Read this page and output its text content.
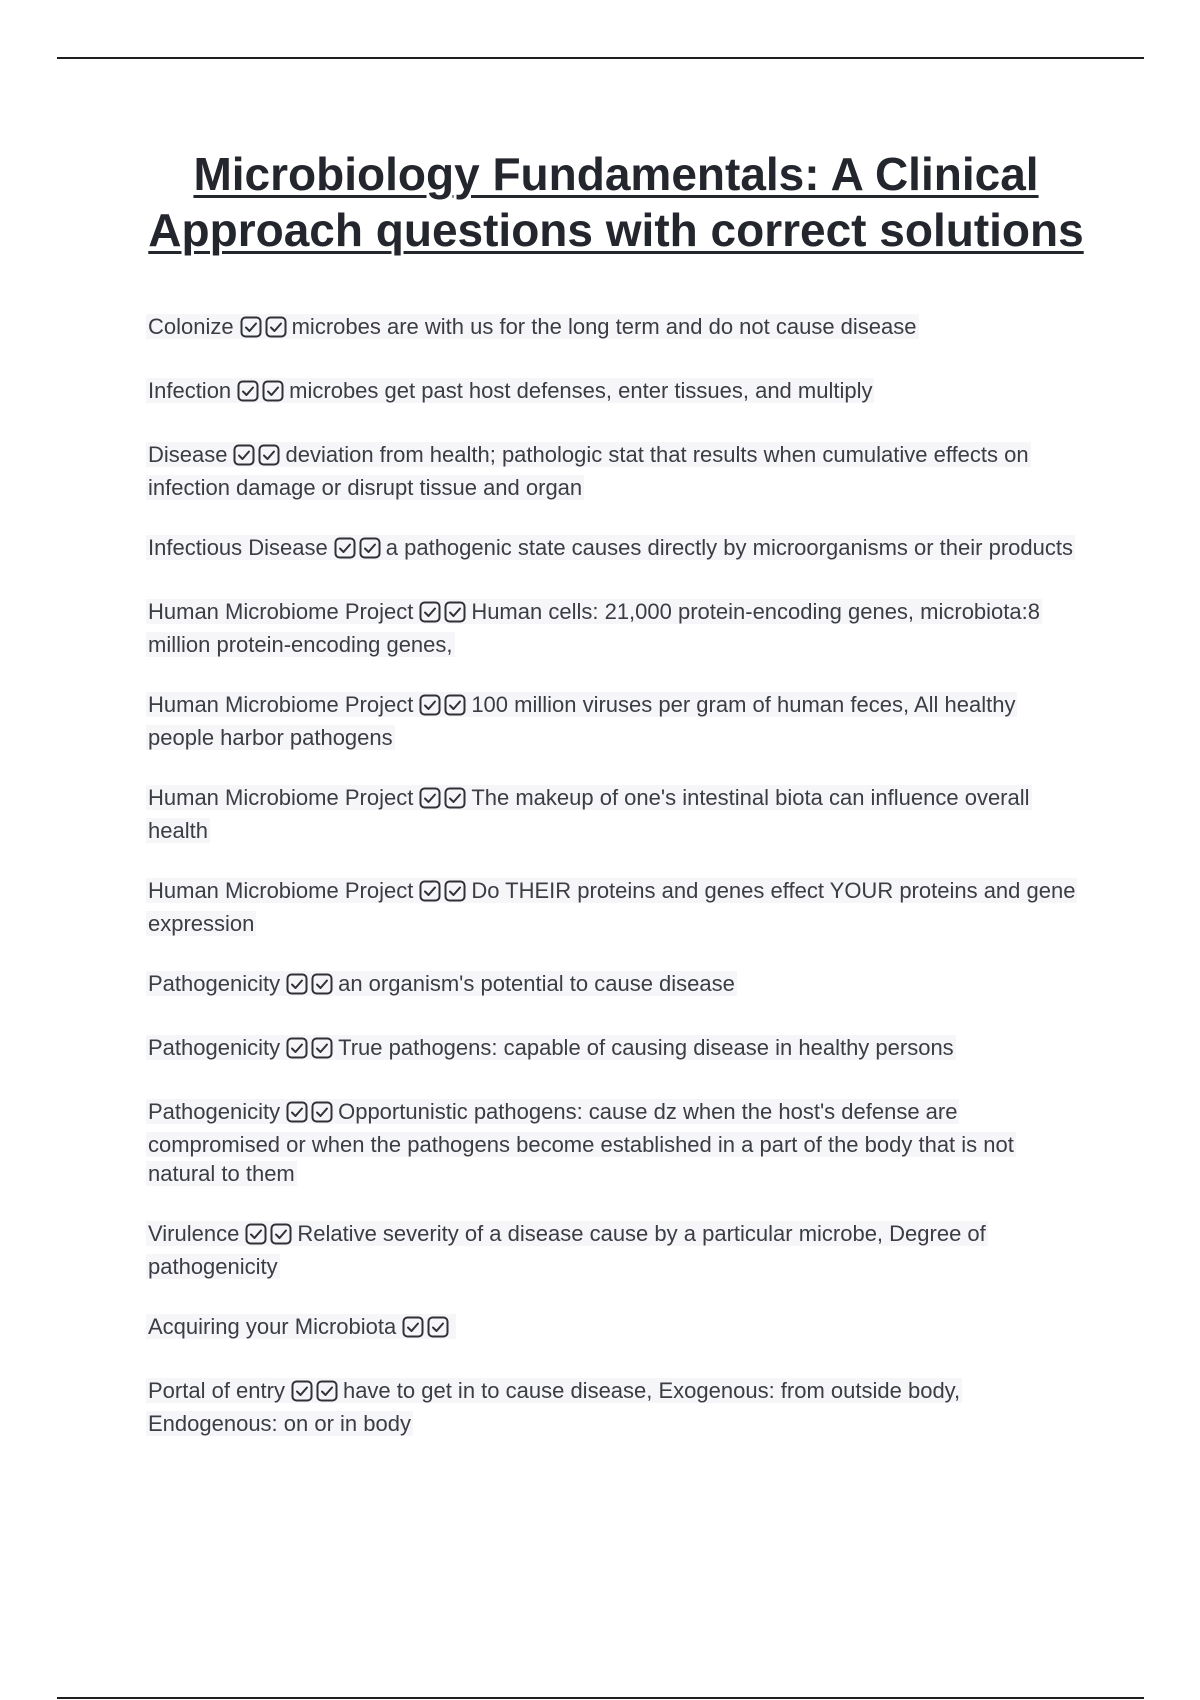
Microbiology Fundamentals: A Clinical Approach questions with correct solutions

Colonize	microbes are with us for the long term and do not cause disease

Infection	microbes get past host defenses, enter tissues, and multiply

Disease	deviation from health; pathologic stat that results when cumulative effects on infection damage or disrupt tissue and organ

Infectious Disease	a pathogenic state causes directly by microorganisms or their products

Human Microbiome Project	Human cells: 21,000 protein-encoding genes, microbiota:8 million protein-encoding genes,

Human Microbiome Project	100 million viruses per gram of human feces, All healthy people harbor pathogens

Human Microbiome Project	The makeup of one's intestinal biota can influence overall health

Human Microbiome Project	Do THEIR proteins and genes effect YOUR proteins and gene expression

Pathogenicity	an organism's potential to cause disease

Pathogenicity	True pathogens: capable of causing disease in healthy persons

Pathogenicity	Opportunistic pathogens: cause dz when the host's defense are compromised or when the pathogens become established in a part of the body that is not natural to them

Virulence	Relative severity of a disease cause by a particular microbe, Degree of pathogenicity

Acquiring your Microbiota

Portal of entry	have to get in to cause disease, Exogenous: from outside body, Endogenous: on or in body
